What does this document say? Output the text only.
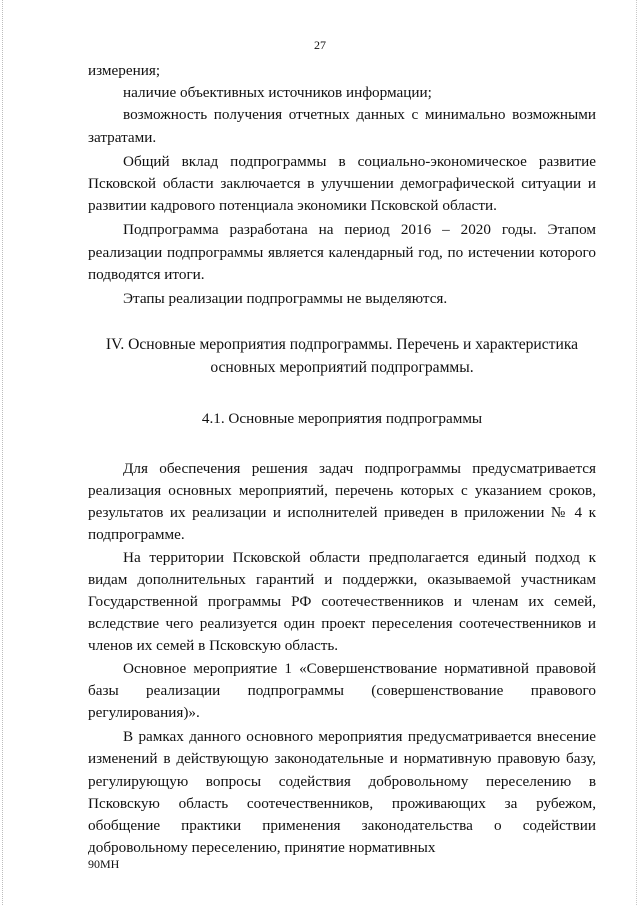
27

измерения;

наличие объективных источников информации;

возможность получения отчетных данных с минимально возможными затратами.

Общий вклад подпрограммы в социально-экономическое развитие Псковской области заключается в улучшении демографической ситуации и развитии кадрового потенциала экономики Псковской области.

Подпрограмма разработана на период 2016 – 2020 годы. Этапом реализации подпрограммы является календарный год, по истечении которого подводятся итоги.

Этапы реализации подпрограммы не выделяются.

IV. Основные мероприятия подпрограммы. Перечень и характеристика
основных мероприятий подпрограммы.
4.1. Основные мероприятия подпрограммы

Для обеспечения решения задач подпрограммы предусматривается реализация основных мероприятий, перечень которых с указанием сроков, результатов их реализации и исполнителей приведен в приложении № 4 к подпрограмме.

На территории Псковской области предполагается единый подход к видам дополнительных гарантий и поддержки, оказываемой участникам Государственной программы РФ соотечественников и членам их семей, вследствие чего реализуется один проект переселения соотечественников и членов их семей в Псковскую область.

Основное мероприятие 1 «Совершенствование нормативной правовой базы реализации подпрограммы (совершенствование правового регулирования)».

В рамках данного основного мероприятия предусматривается внесение изменений в действующую законодательные и нормативную правовую базу, регулирующую вопросы содействия добровольному переселению в Псковскую область соотечественников, проживающих за рубежом, обобщение практики применения законодательства о содействии добровольному переселению, принятие нормативных

90МН
